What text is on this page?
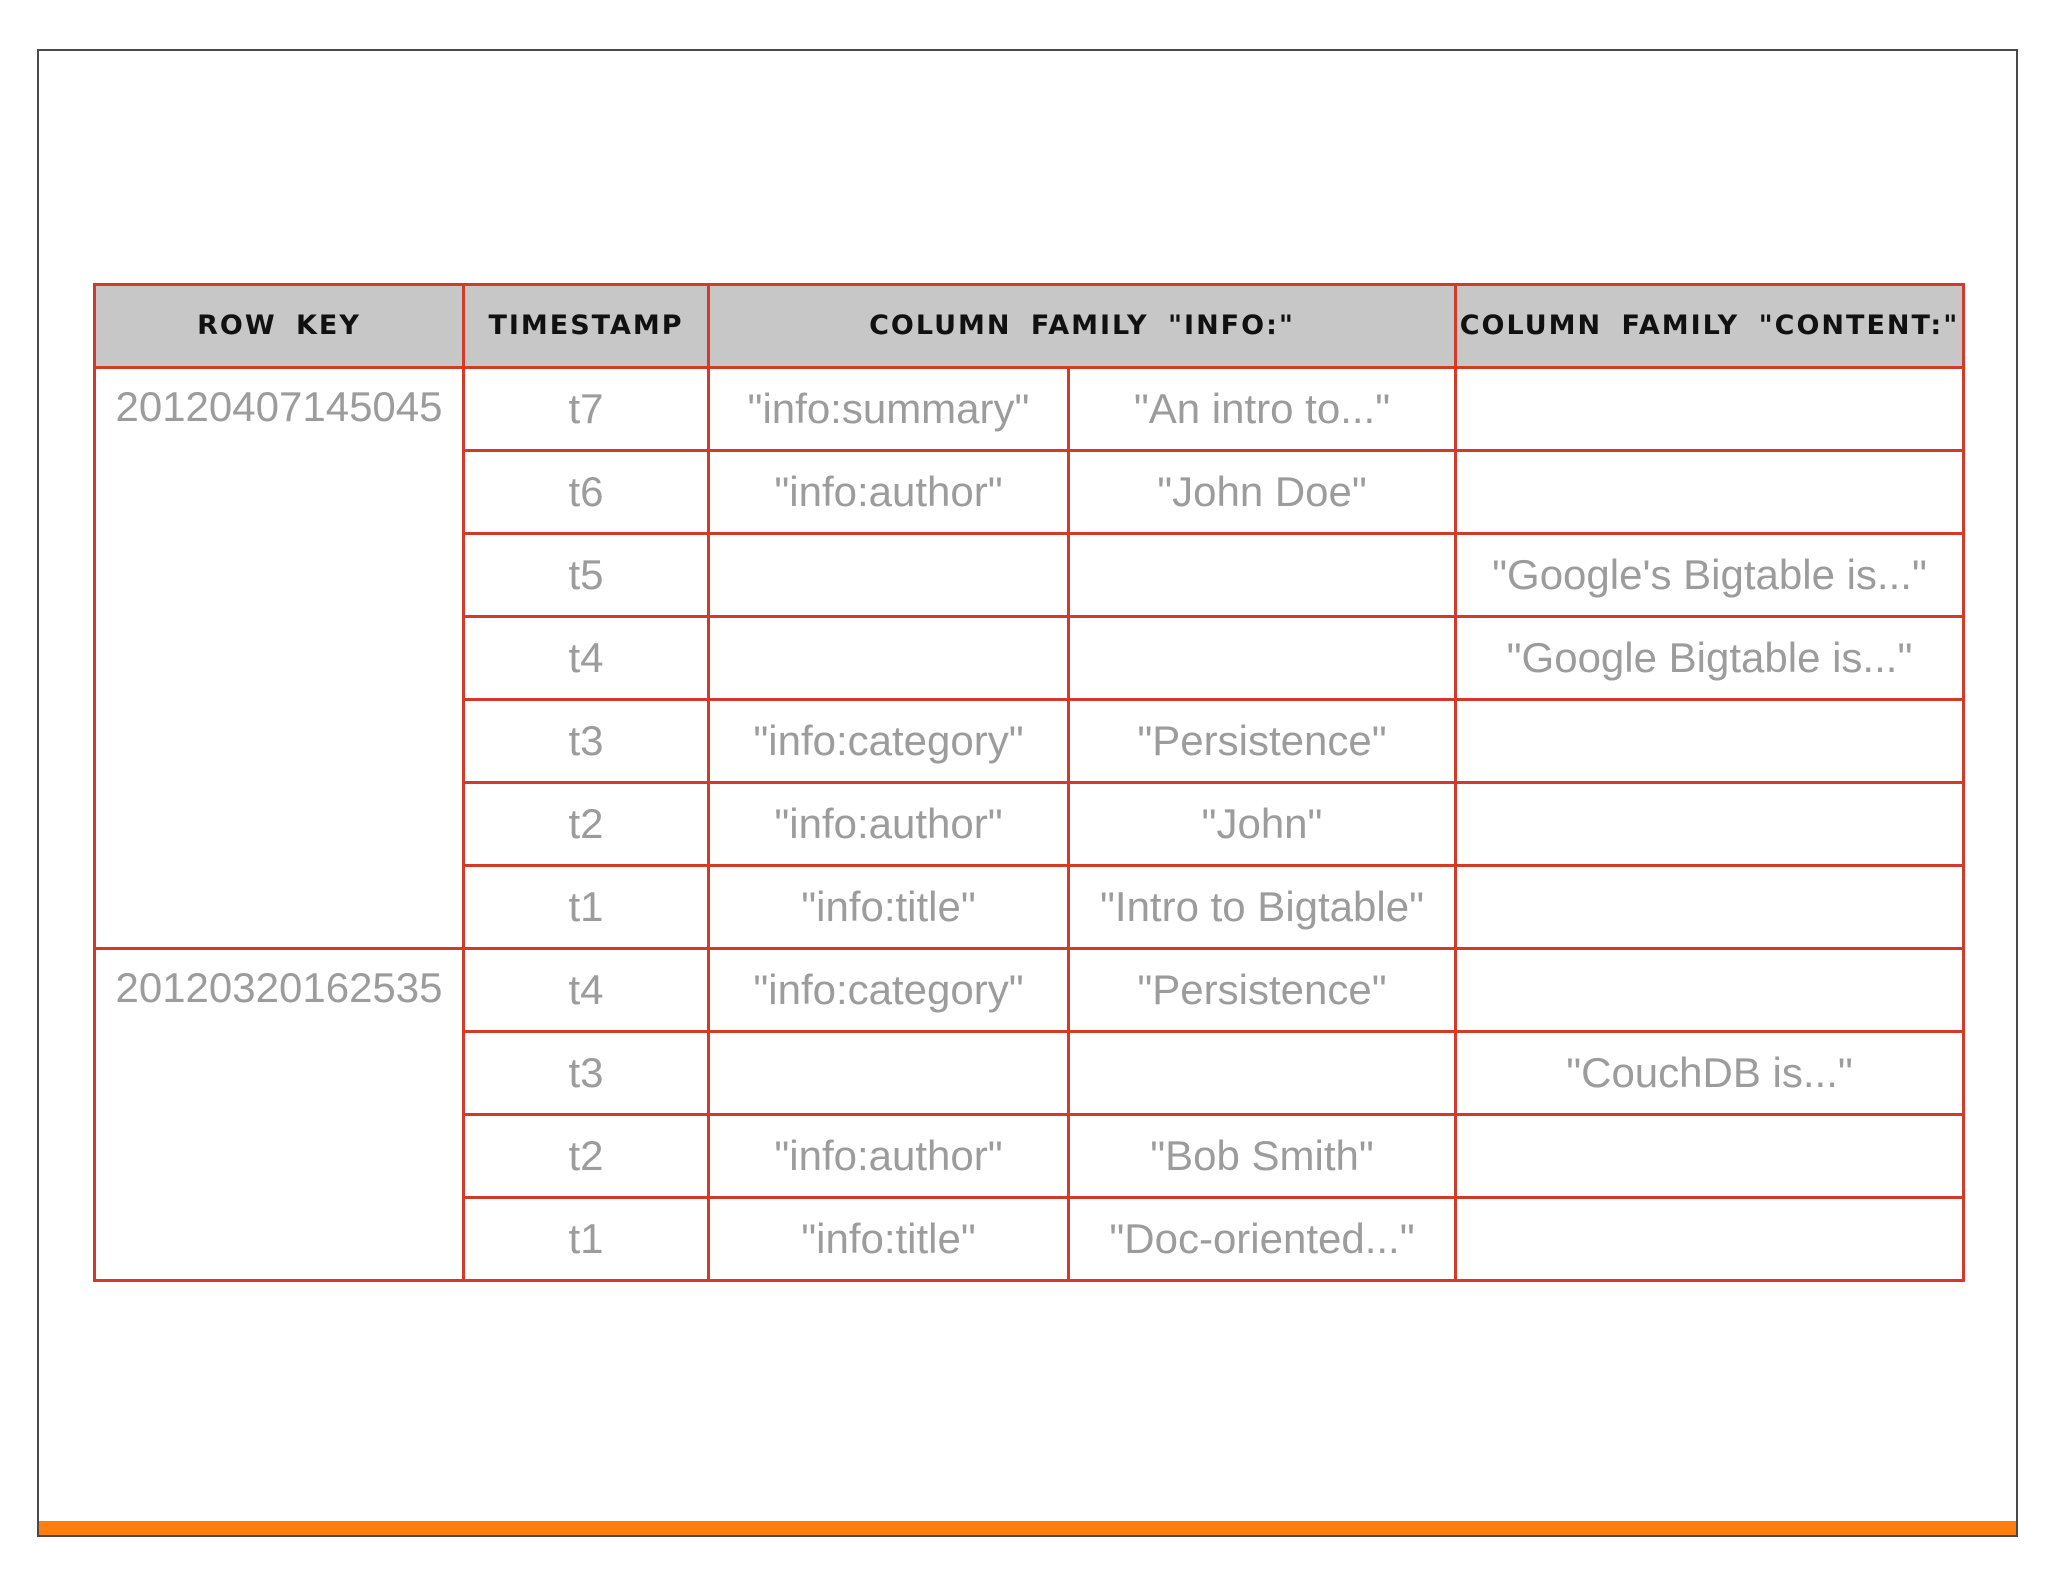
ROW KEY	TIMESTAMP	COLUMN FAMILY "INFO:"		COLUMN FAMILY "CONTENT:"
20120407145045	t7	"info:summary"	"An intro to..."	
	t6	"info:author"	"John Doe"	
	t5			"Google's Bigtable is..."
	t4			"Google Bigtable is..."
	t3	"info:category"	"Persistence"	
	t2	"info:author"	"John"	
	t1	"info:title"	"Intro to Bigtable"	
20120320162535	t4	"info:category"	"Persistence"	
	t3			"CouchDB is..."
	t2	"info:author"	"Bob Smith"	
	t1	"info:title"	"Doc-oriented..."	
